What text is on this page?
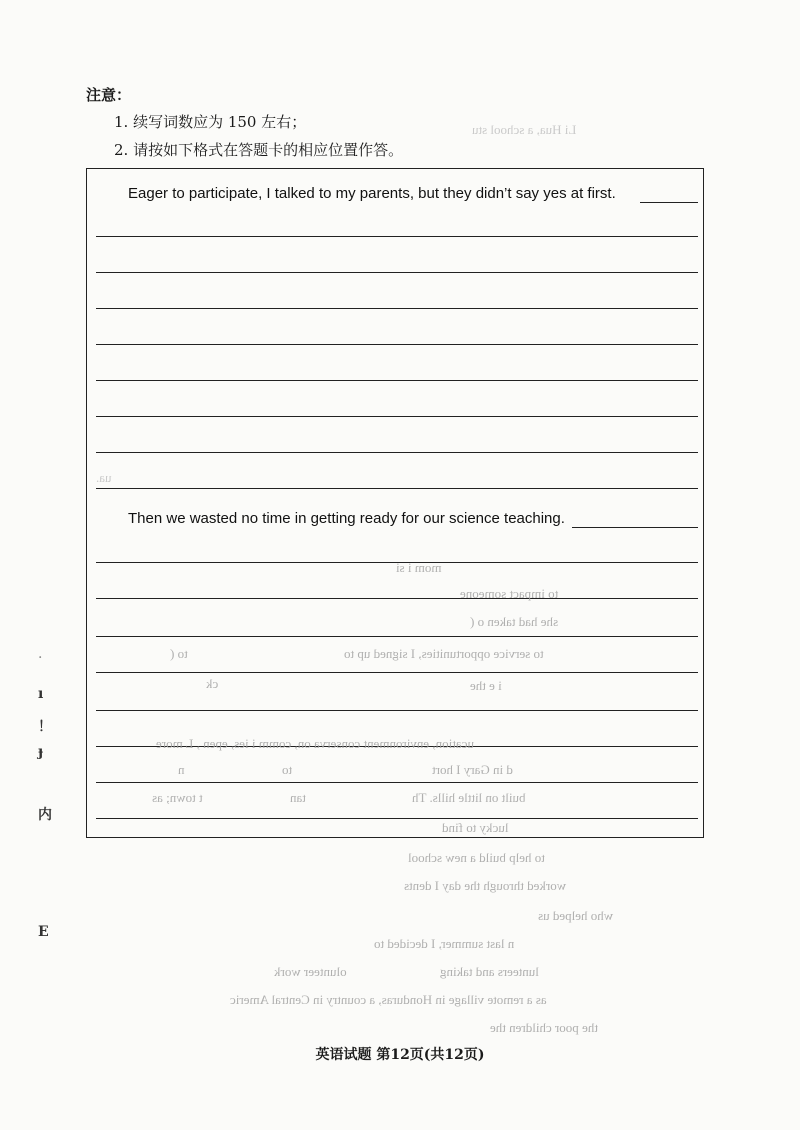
注意：
1. 续写词数应为 150 左右；
2. 请按如下格式在答题卡的相应位置作答。
Eager to participate, I talked to my parents, but they didn’t say yes at first.
Then we wasted no time in getting ready for our science teaching.
Li Hua, a school stu
ua.
mom i si
to impact someone
she had taken o (
to service opportunities, I signed up to
to (
i e the
ck
ucation, environment conserva on, comm i ies, epen , L more
d in Gary I hort
to
n
built on little hills. Th
tan
t town; as
lucky to find
to help build a new school
worked through the day I dents
who helped us
n last summer, I decided to
lunteers and taking
olunteer work
as a remote village in Honduras, a country in Central Americ
the poor children the
·
ı
！
ɟ
内
E
英语试题 第12页(共12页)
